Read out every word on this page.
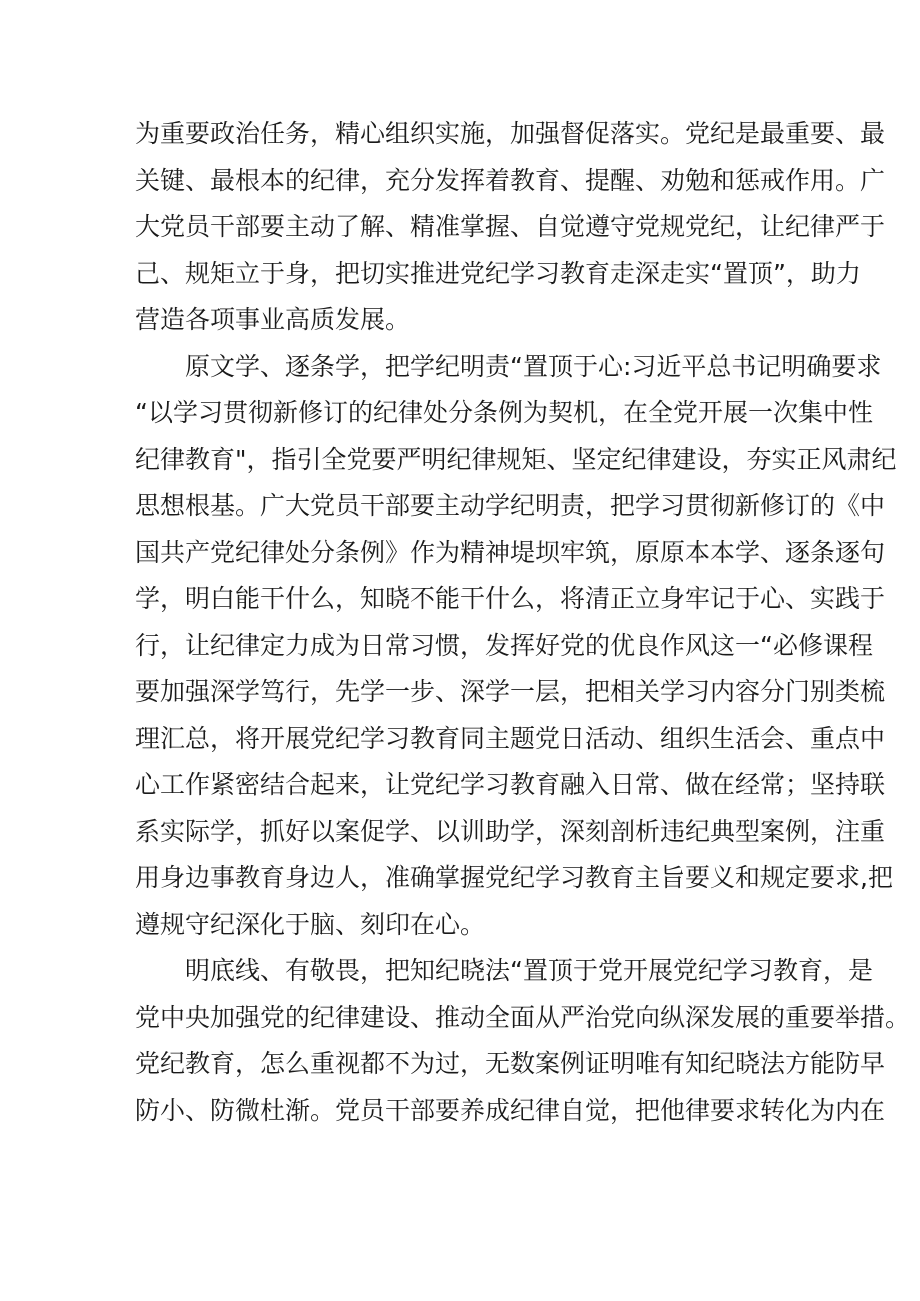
为重要政治任务，精心组织实施，加强督促落实。党纪是最重要、最
关键、最根本的纪律，充分发挥着教育、提醒、劝勉和惩戒作用。广
大党员干部要主动了解、精准掌握、自觉遵守党规党纪，让纪律严于
己、规矩立于身，把切实推进党纪学习教育走深走实“置顶”，助力
营造各项事业高质发展。

原文学、逐条学，把学纪明责“置顶于心:习近平总书记明确要求
“以学习贯彻新修订的纪律处分条例为契机，在全党开展一次集中性
纪律教育"，指引全党要严明纪律规矩、坚定纪律建设，夯实正风肃纪
思想根基。广大党员干部要主动学纪明责，把学习贯彻新修订的《中
国共产党纪律处分条例》作为精神堤坝牢筑，原原本本学、逐条逐句
学，明白能干什么，知晓不能干什么，将清正立身牢记于心、实践于
行，让纪律定力成为日常习惯，发挥好党的优良作风这一“必修课程
要加强深学笃行，先学一步、深学一层，把相关学习内容分门别类梳
理汇总，将开展党纪学习教育同主题党日活动、组织生活会、重点中
心工作紧密结合起来，让党纪学习教育融入日常、做在经常；坚持联
系实际学，抓好以案促学、以训助学，深刻剖析违纪典型案例，注重
用身边事教育身边人，准确掌握党纪学习教育主旨要义和规定要求,把
遵规守纪深化于脑、刻印在心。

明底线、有敬畏，把知纪晓法“置顶于党开展党纪学习教育，是
党中央加强党的纪律建设、推动全面从严治党向纵深发展的重要举措。
党纪教育，怎么重视都不为过，无数案例证明唯有知纪晓法方能防早
防小、防微杜渐。党员干部要养成纪律自觉，把他律要求转化为内在
